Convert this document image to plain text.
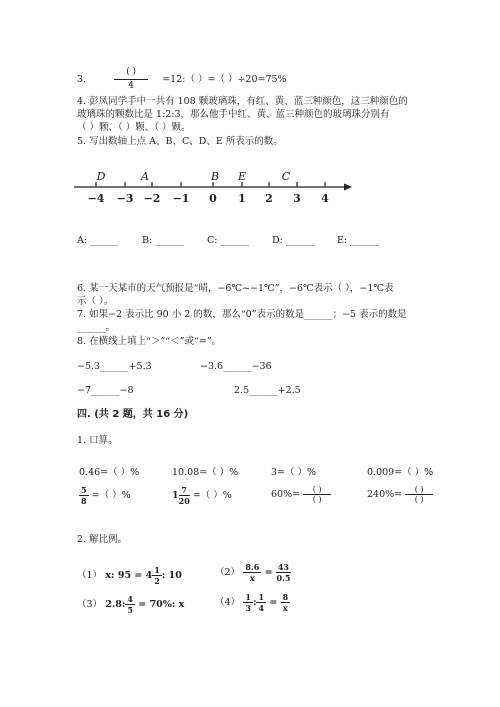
3.	$\frac{( )}{4}$ =12:（ ）=（ ）÷20=75%
4. 彭凤同学手中一共有 108 颗玻璃珠，有红、黄、蓝三种颜色，这三种颜色的
玻璃珠的颗数比是 1:2:3，那么他手中红、黄、蓝三种颜色的玻璃珠分别有
（ ）颗、（ ）颗、（ ）颗。
5. 写出数轴上点 A、B、C、D、E 所表示的数。
−4 −3 −2 −1 0 1 2 3 4
D	A	B E	C
A: ______ B: ______ C: ______ D: ______ E: ______
6. 某一天某市的天气预报是“晴，−6℃~−1℃”，−6℃表示（ ），−1℃表
示（ ）。
7. 如果−2 表示比 90 小 2 的数，那么“0”表示的数是______；−5 表示的数是
______。
8. 在横线上填上“＞”“＜”或“=”。
−5.3______+5.3	−3.6______−36
−7______−8	2.5______+2.5
四. (共 2 题，共 16 分)
1. 口算。
0.46=（ ）%	10.08=（ ）%	3=（ ）%	0.009=（ ）%
$\frac{5}{8}$ =（ ）%	$1 \frac{7}{20}$ =（ ）%	$60\%= \frac{( )}{( )}$	$240\%= \frac{( )}{( )}$
2. 解比例。
（1） x: $95 = 4 \frac{1}{2}$ : 10	$(2) \frac{8.6}{x} = \frac{43}{0.5}$
（3） 2.8: $\frac{4}{5} = 70\%$: x	$(4) \frac{1}{3}$ : $\frac{1}{4} = \frac{8}{x}$
